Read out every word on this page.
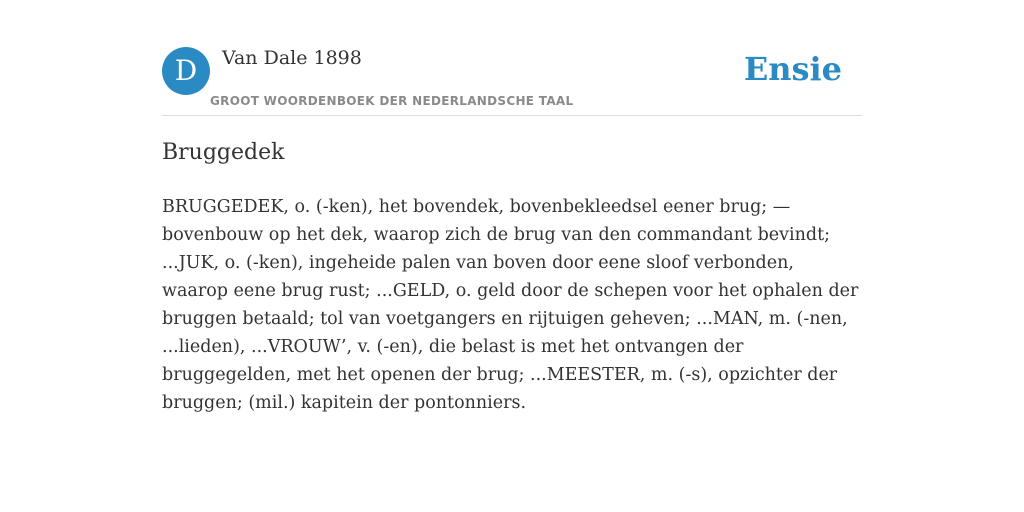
D	Van Dale 1898
GROOT WOORDENBOEK DER NEDERLANDSCHE TAAL
Ensie
Bruggedek

BRUGGEDEK, o. (-ken), het bovendek, bovenbekleedsel eener brug; — bovenbouw op het dek, waarop zich de brug van den commandant bevindt; ...JUK, o. (-ken), ingeheide palen van boven door eene sloof verbonden, waarop eene brug rust; ...GELD, o. geld door de schepen voor het ophalen der bruggen betaald; tol van voetgangers en rijtuigen geheven; ...MAN, m. (-nen, ...lieden), ...VROUW’, v. (-en), die belast is met het ontvangen der bruggegelden, met het openen der brug; ...MEESTER, m. (-s), opzichter der bruggen; (mil.) kapitein der pontonniers.
